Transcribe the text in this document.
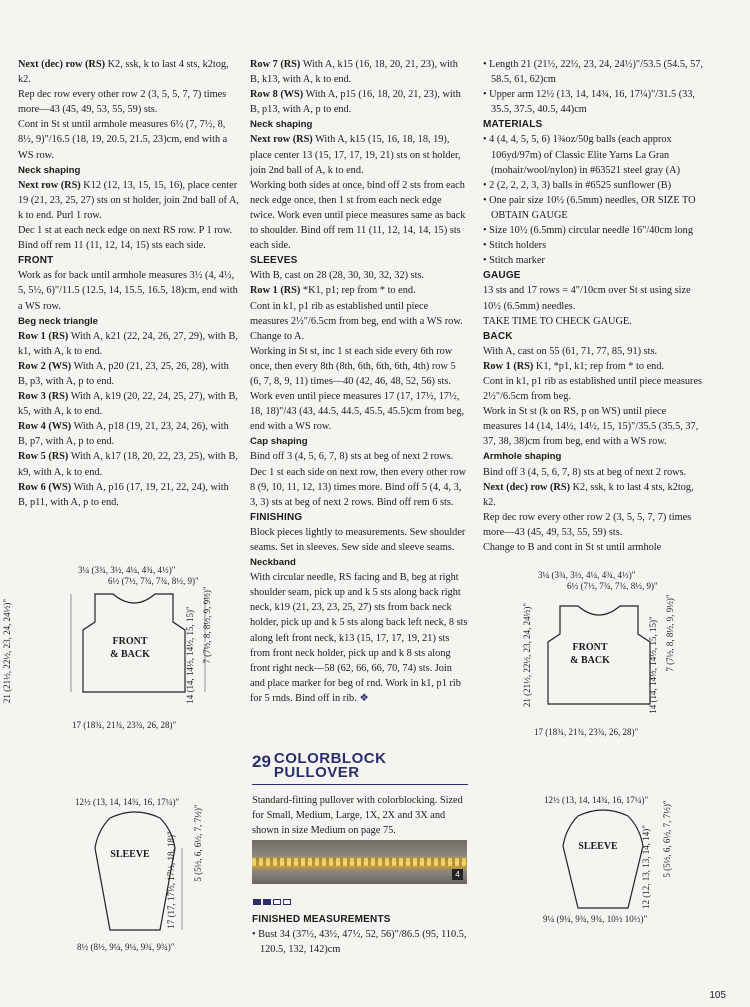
Next (dec) row (RS) K2, ssk, k to last 4 sts, k2tog, k2.

Rep dec row every other row 2 (3, 5, 5, 7, 7) times more—43 (45, 49, 53, 55, 59) sts.

Cont in St st until armhole measures 6½ (7, 7½, 8, 8½, 9)"/16.5 (18, 19, 20.5, 21.5, 23)cm, end with a WS row.

Neck shaping

Next row (RS) K12 (12, 13, 15, 15, 16), place center 19 (21, 23, 25, 27) sts on st holder, join 2nd ball of A, k to end. Purl 1 row.

Dec 1 st at each neck edge on next RS row. P 1 row. Bind off rem 11 (11, 12, 14, 15) sts each side.

FRONT

Work as for back until armhole measures 3½ (4, 4½, 5, 5½, 6)"/11.5 (12.5, 14, 15.5, 16.5, 18)cm, end with a WS row.

Beg neck triangle

Row 1 (RS) With A, k21 (22, 24, 26, 27, 29), with B, k1, with A, k to end.

Row 2 (WS) With A, p20 (21, 23, 25, 26, 28), with B, p3, with A, p to end.

Row 3 (RS) With A, k19 (20, 22, 24, 25, 27), with B, k5, with A, k to end.

Row 4 (WS) With A, p18 (19, 21, 23, 24, 26), with B, p7, with A, p to end.

Row 5 (RS) With A, k17 (18, 20, 22, 23, 25), with B, k9, with A, k to end.

Row 6 (WS) With A, p16 (17, 19, 21, 22, 24), with B, p11, with A, p to end.

Row 7 (RS) With A, k15 (16, 18, 20, 21, 23), with B, k13, with A, k to end.

Row 8 (WS) With A, p15 (16, 18, 20, 21, 23), with B, p13, with A, p to end.

Neck shaping

Next row (RS) With A, k15 (15, 16, 18, 18, 19), place center 13 (15, 17, 17, 19, 21) sts on st holder, join 2nd ball of A, k to end.

Working both sides at once, bind off 2 sts from each neck edge once, then 1 st from each neck edge twice. Work even until piece measures same as back to shoulder. Bind off rem 11 (11, 12, 14, 14, 15) sts each side.

SLEEVES

With B, cast on 28 (28, 30, 30, 32, 32) sts.

Row 1 (RS) *K1, p1; rep from * to end.

Cont in k1, p1 rib as established until piece measures 2½"/6.5cm from beg, end with a WS row. Change to A.

Working in St st, inc 1 st each side every 6th row once, then every 8th (8th, 6th, 6th, 6th, 4th) row 5 (6, 7, 8, 9, 11) times—40 (42, 46, 48, 52, 56) sts.

Work even until piece measures 17 (17, 17½, 17½, 18, 18)"/43 (43, 44.5, 44.5, 45.5, 45.5)cm from beg, end with a WS row.

Cap shaping

Bind off 3 (4, 5, 6, 7, 8) sts at beg of next 2 rows. Dec 1 st each side on next row, then every other row 8 (9, 10, 11, 12, 13) times more. Bind off 5 (4, 4, 3, 3, 3) sts at beg of next 2 rows. Bind off rem 6 sts.

FINISHING

Block pieces lightly to measurements. Sew shoulder seams. Set in sleeves. Sew side and sleeve seams.

Neckband

With circular needle, RS facing and B, beg at right shoulder seam, pick up and k 5 sts along back right neck, k19 (21, 23, 23, 25, 27) sts from back neck holder, pick up and k 5 sts along back left neck, 8 sts along left front neck, k13 (15, 17, 17, 19, 21) sts from front neck holder, pick up and k 8 sts along front right neck—58 (62, 66, 66, 70, 74) sts. Join and place marker for beg of rnd. Work in k1, p1 rib for 5 rnds. Bind off in rib. ❖

29 COLORBLOCK
PULLOVER
Standard-fitting pullover with colorblocking. Sized for Small, Medium, Large, 1X, 2X and 3X and shown in size Medium on page 75.
4

FINISHED MEASUREMENTS

• Bust 34 (37½, 43½, 47½, 52, 56)"/86.5 (95, 110.5, 120.5, 132, 142)cm

• Length 21 (21½, 22½, 23, 24, 24½)"/53.5 (54.5, 57, 58.5, 61, 62)cm

• Upper arm 12½ (13, 14, 14¾, 16, 17¼)"/31.5 (33, 35.5, 37.5, 40.5, 44)cm

MATERIALS

• 4 (4, 4, 5, 5, 6) 1¾oz/50g balls (each approx 106yd/97m) of Classic Elite Yarns La Gran (mohair/wool/nylon) in #63521 steel gray (A)

• 2 (2, 2, 2, 3, 3) balls in #6525 sunflower (B)

• One pair size 10½ (6.5mm) needles, OR SIZE TO OBTAIN GAUGE

• Size 10½ (6.5mm) circular needle 16"/40cm long

• Stitch holders

• Stitch marker

GAUGE

13 sts and 17 rows = 4"/10cm over St st using size 10½ (6.5mm) needles.

TAKE TIME TO CHECK GAUGE.

BACK

With A, cast on 55 (61, 71, 77, 85, 91) sts.

Row 1 (RS) K1, *p1, k1; rep from * to end.

Cont in k1, p1 rib as established until piece measures 2½"/6.5cm from beg.

Work in St st (k on RS, p on WS) until piece measures 14 (14, 14½, 14½, 15, 15)"/35.5 (35.5, 37, 37, 38, 38)cm from beg, end with a WS row.

Armhole shaping

Bind off 3 (4, 5, 6, 7, 8) sts at beg of next 2 rows.

Next (dec) row (RS) K2, ssk, k to last 4 sts, k2tog, k2.

Rep dec row every other row 2 (3, 5, 5, 7, 7) times more—43 (45, 49, 53, 55, 59) sts.

Change to B and cont in St st until armhole

3¼ (3¾, 3½, 4¼, 4¾, 4½)"
6½ (7½, 7¾, 7¾, 8½, 9)"
21 (21½, 22½, 23, 24, 24½)"	FRONT
& BACK	14 (14, 14½, 14½, 15, 15)" 7 (7½, 8, 8½, 9, 9½)"
17 (18¾, 21¾, 23¾, 26, 28)"
12½ (13, 14, 14¾, 16, 17¼)"
SLEEVE	17 (17, 17½, 17½, 18, 18)" 5 (5½, 6, 6½, 7, 7½)"
8½ (8½, 9¼, 9¼, 9¾, 9¾)"
3¼ (3¾, 3½, 4¼, 4¾, 4½)"
6½ (7½, 7¾, 7¾, 8½, 9)"
21 (21½, 22½, 23, 24, 24½)"	FRONT
& BACK	14 (14, 14½, 14½, 15, 15)" 7 (7½, 8, 8½, 9, 9½)"
17 (18¾, 21¾, 23¾, 26, 28)"
12½ (13, 14, 14¾, 16, 17¼)"
SLEEVE	12 (12, 13, 13, 14, 14)" 5 (5½, 6, 6½, 7, 7½)"
9¼ (9¼, 9¾, 9¾, 10½ 10½)"
105
